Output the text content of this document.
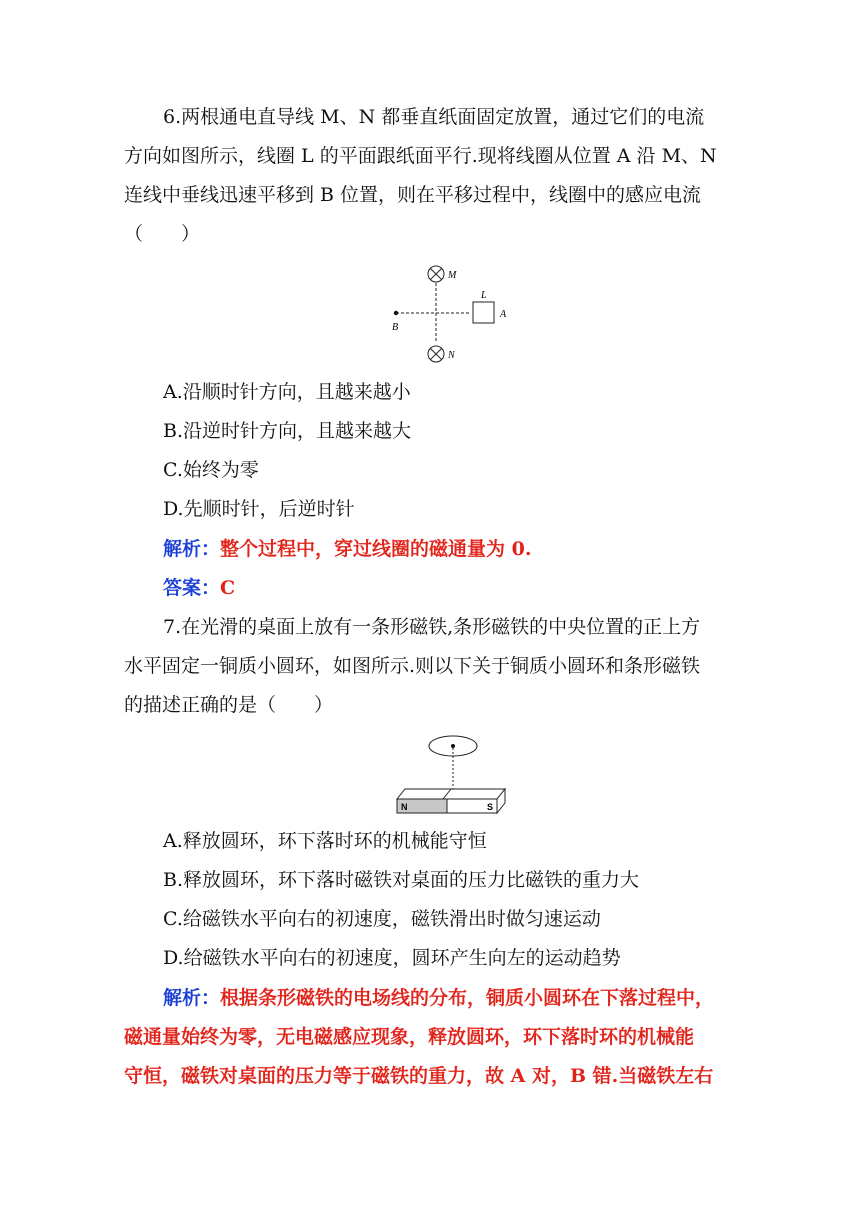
6.两根通电直导线 M、N 都垂直纸面固定放置，通过它们的电流
方向如图所示，线圈 L 的平面跟纸面平行.现将线圈从位置 A 沿 M、N
连线中垂线迅速平移到 B 位置，则在平移过程中，线圈中的感应电流
（　　）
M
N
L
A
B
A.沿顺时针方向，且越来越小
B.沿逆时针方向，且越来越大
C.始终为零
D.先顺时针，后逆时针
解析：整个过程中，穿过线圈的磁通量为 0.
答案：C
7.在光滑的桌面上放有一条形磁铁,条形磁铁的中央位置的正上方
水平固定一铜质小圆环，如图所示.则以下关于铜质小圆环和条形磁铁
的描述正确的是（　　）
N	S
A.释放圆环，环下落时环的机械能守恒
B.释放圆环，环下落时磁铁对桌面的压力比磁铁的重力大
C.给磁铁水平向右的初速度，磁铁滑出时做匀速运动
D.给磁铁水平向右的初速度，圆环产生向左的运动趋势
解析：根据条形磁铁的电场线的分布，铜质小圆环在下落过程中，
磁通量始终为零，无电磁感应现象，释放圆环，环下落时环的机械能
守恒，磁铁对桌面的压力等于磁铁的重力，故 A 对，B 错.当磁铁左右
